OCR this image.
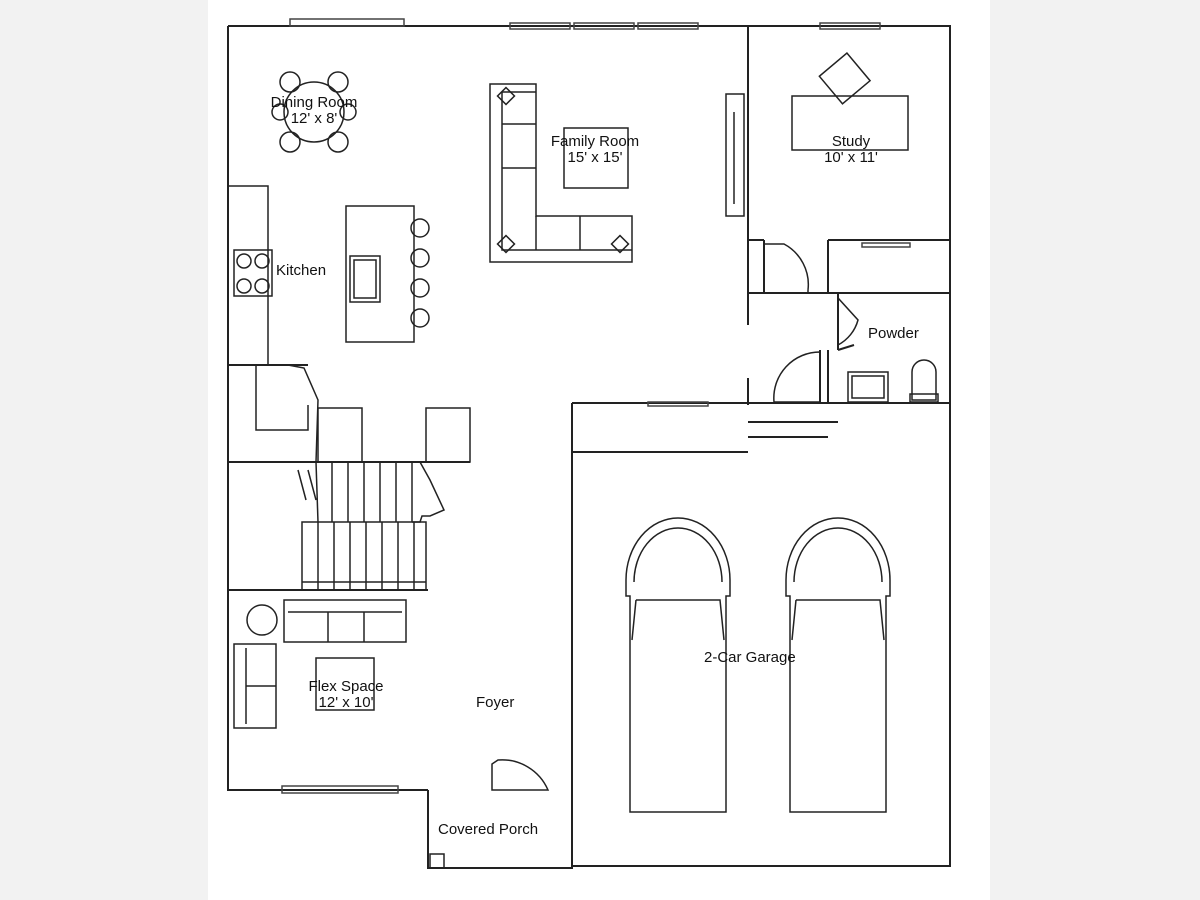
Dining Room
12' x 8'
Family Room
15' x 15'
Study
10' x 11'
Kitchen
Powder
2-Car Garage
Flex Space
12' x 10'	Foyer
Covered Porch
